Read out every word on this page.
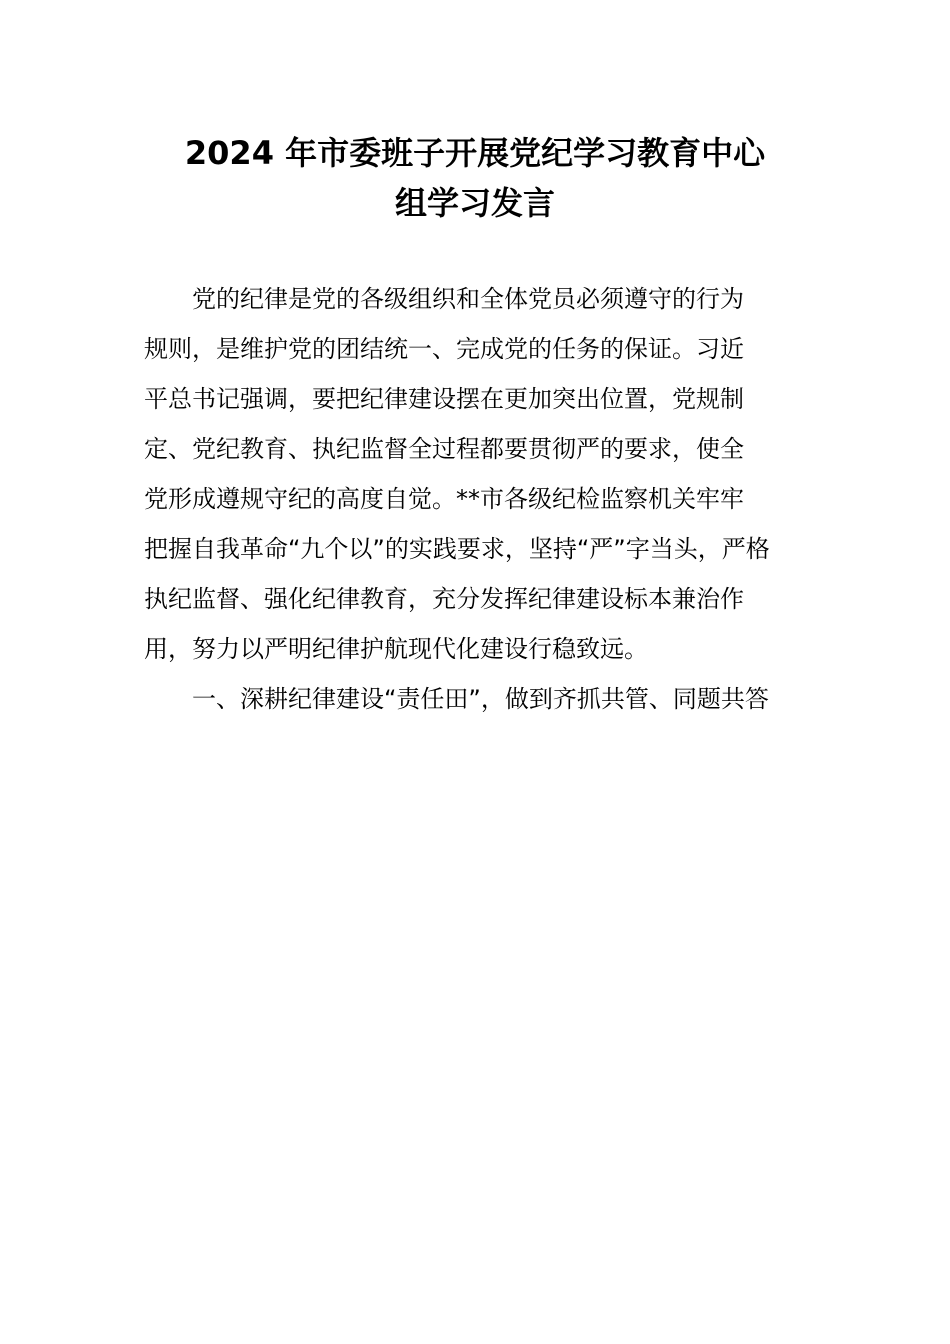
2024 年市委班子开展党纪学习教育中心
组学习发言
党的纪律是党的各级组织和全体党员必须遵守的行为
规则，是维护党的团结统一、完成党的任务的保证。习近
平总书记强调，要把纪律建设摆在更加突出位置，党规制
定、党纪教育、执纪监督全过程都要贯彻严的要求，使全
党形成遵规守纪的高度自觉。**市各级纪检监察机关牢牢
把握自我革命“九个以”的实践要求，坚持“严”字当头，严格
执纪监督、强化纪律教育，充分发挥纪律建设标本兼治作
用，努力以严明纪律护航现代化建设行稳致远。
一、深耕纪律建设“责任田”，做到齐抓共管、同题共答
